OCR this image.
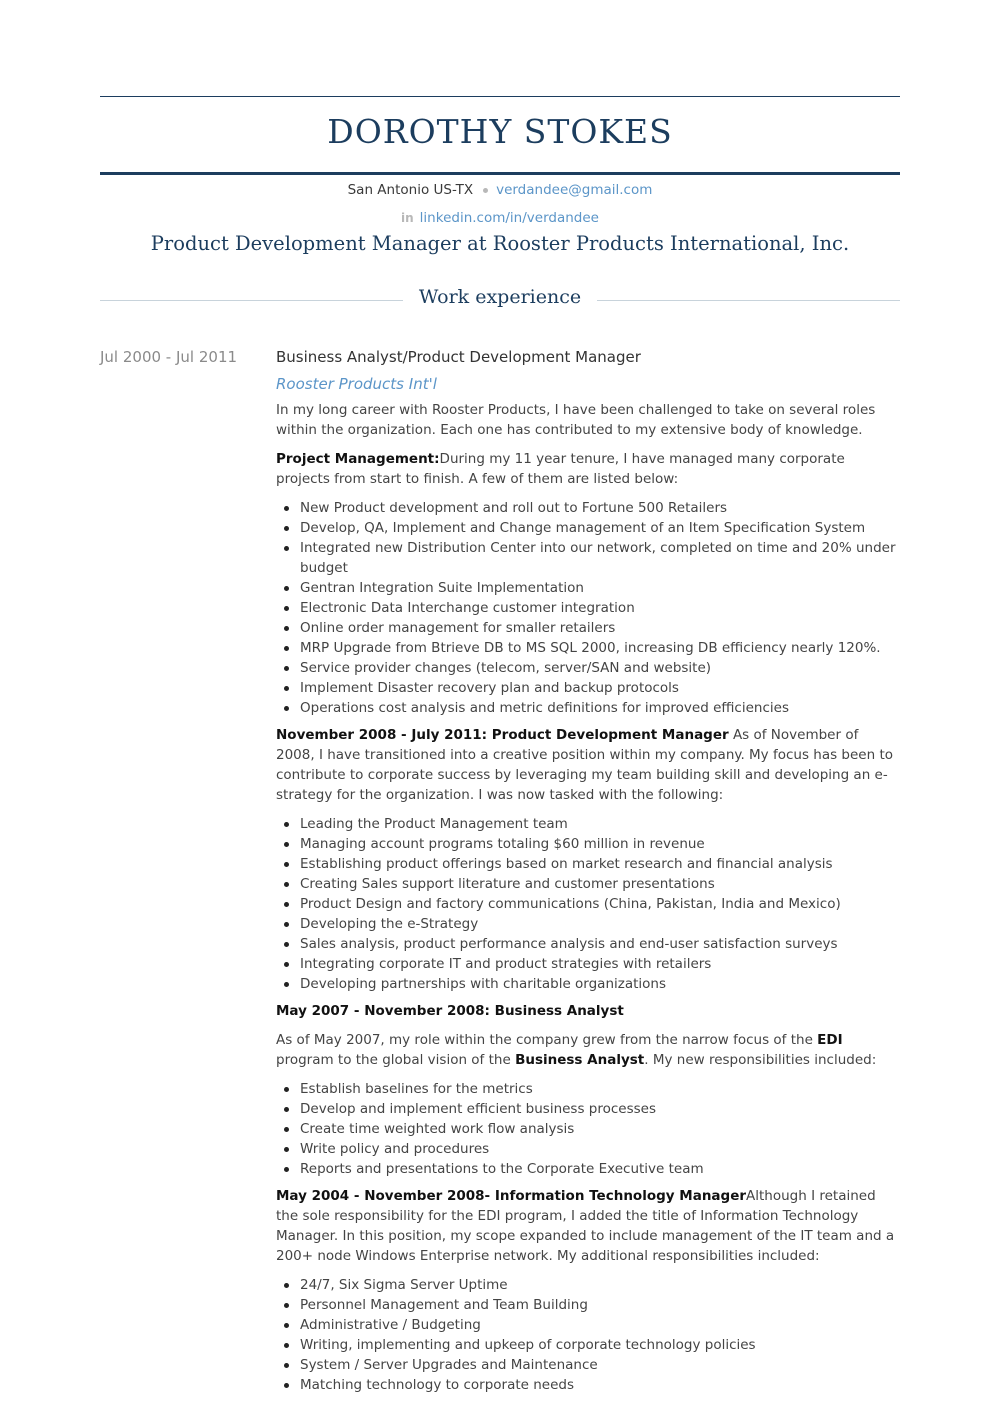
DOROTHY STOKES
San Antonio US-TX verdandee@gmail.com
in linkedin.com/in/verdandee
Product Development Manager at Rooster Products International, Inc.
Work experience
Jul 2000 - Jul 2011	Business Analyst/Product Development Manager
Rooster Products Int'l

In my long career with Rooster Products, I have been challenged to take on several roles within the organization. Each one has contributed to my extensive body of knowledge.

Project Management:During my 11 year tenure, I have managed many corporate projects from start to finish. A few of them are listed below:

New Product development and roll out to Fortune 500 Retailers
Develop, QA, Implement and Change management of an Item Specification System
Integrated new Distribution Center into our network, completed on time and 20% under budget
Gentran Integration Suite Implementation
Electronic Data Interchange customer integration
Online order management for smaller retailers
MRP Upgrade from Btrieve DB to MS SQL 2000, increasing DB efficiency nearly 120%.
Service provider changes (telecom, server/SAN and website)
Implement Disaster recovery plan and backup protocols
Operations cost analysis and metric definitions for improved efficiencies

November 2008 - July 2011: Product Development Manager As of November of 2008, I have transitioned into a creative position within my company. My focus has been to contribute to corporate success by leveraging my team building skill and developing an e-strategy for the organization. I was now tasked with the following:

Leading the Product Management team
Managing account programs totaling $60 million in revenue
Establishing product offerings based on market research and financial analysis
Creating Sales support literature and customer presentations
Product Design and factory communications (China, Pakistan, India and Mexico)
Developing the e-Strategy
Sales analysis, product performance analysis and end-user satisfaction surveys
Integrating corporate IT and product strategies with retailers
Developing partnerships with charitable organizations

May 2007 - November 2008: Business Analyst

As of May 2007, my role within the company grew from the narrow focus of the EDI program to the global vision of the Business Analyst. My new responsibilities included:

Establish baselines for the metrics
Develop and implement efficient business processes
Create time weighted work flow analysis
Write policy and procedures
Reports and presentations to the Corporate Executive team

May 2004 - November 2008- Information Technology ManagerAlthough I retained the sole responsibility for the EDI program, I added the title of Information Technology Manager. In this position, my scope expanded to include management of the IT team and a 200+ node Windows Enterprise network. My additional responsibilities included:

24/7, Six Sigma Server Uptime
Personnel Management and Team Building
Administrative / Budgeting
Writing, implementing and upkeep of corporate technology policies
System / Server Upgrades and Maintenance
Matching technology to corporate needs
